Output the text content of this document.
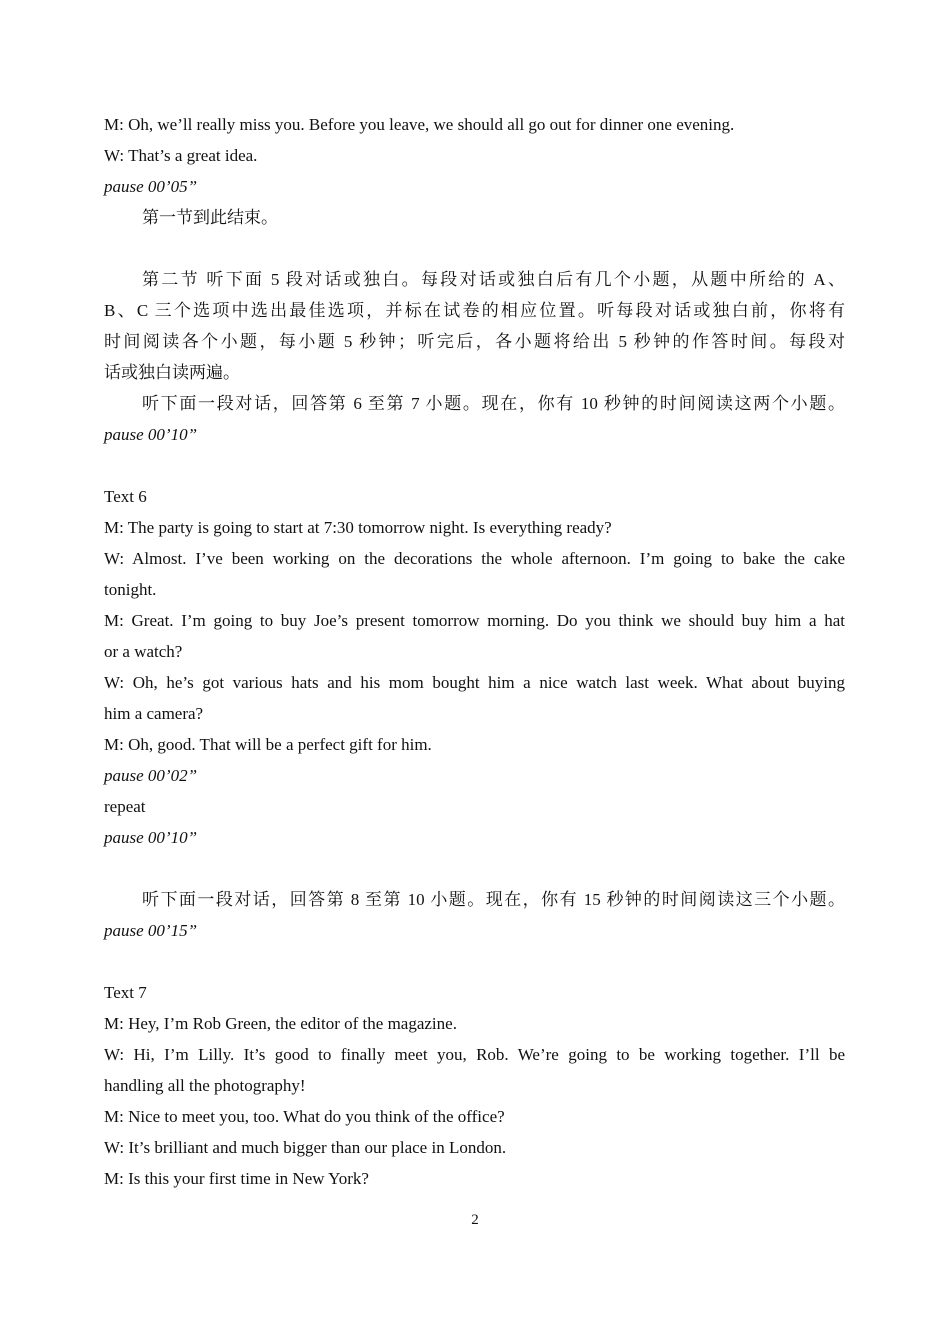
M: Oh, we’ll really miss you. Before you leave, we should all go out for dinner one evening.
W: That’s a great idea.
pause 00’05”
第一节到此结束。
第二节 听下面 5 段对话或独白。每段对话或独白后有几个小题，从题中所给的 A、
B、C 三个选项中选出最佳选项，并标在试卷的相应位置。听每段对话或独白前，你将有
时间阅读各个小题，每小题 5 秒钟；听完后，各小题将给出 5 秒钟的作答时间。每段对
话或独白读两遍。
听下面一段对话，回答第 6 至第 7 小题。现在，你有 10 秒钟的时间阅读这两个小题。
pause 00’10”
Text 6
M: The party is going to start at 7:30 tomorrow night. Is everything ready?
W: Almost. I’ve been working on the decorations the whole afternoon. I’m going to bake the cake
tonight.
M: Great. I’m going to buy Joe’s present tomorrow morning. Do you think we should buy him a hat
or a watch?
W: Oh, he’s got various hats and his mom bought him a nice watch last week. What about buying
him a camera?
M: Oh, good. That will be a perfect gift for him.
pause 00’02”
repeat
pause 00’10”
听下面一段对话，回答第 8 至第 10 小题。现在，你有 15 秒钟的时间阅读这三个小题。
pause 00’15”
Text 7
M: Hey, I’m Rob Green, the editor of the magazine.
W: Hi, I’m Lilly. It’s good to finally meet you, Rob. We’re going to be working together. I’ll be
handling all the photography!
M: Nice to meet you, too. What do you think of the office?
W: It’s brilliant and much bigger than our place in London.
M: Is this your first time in New York?
2
